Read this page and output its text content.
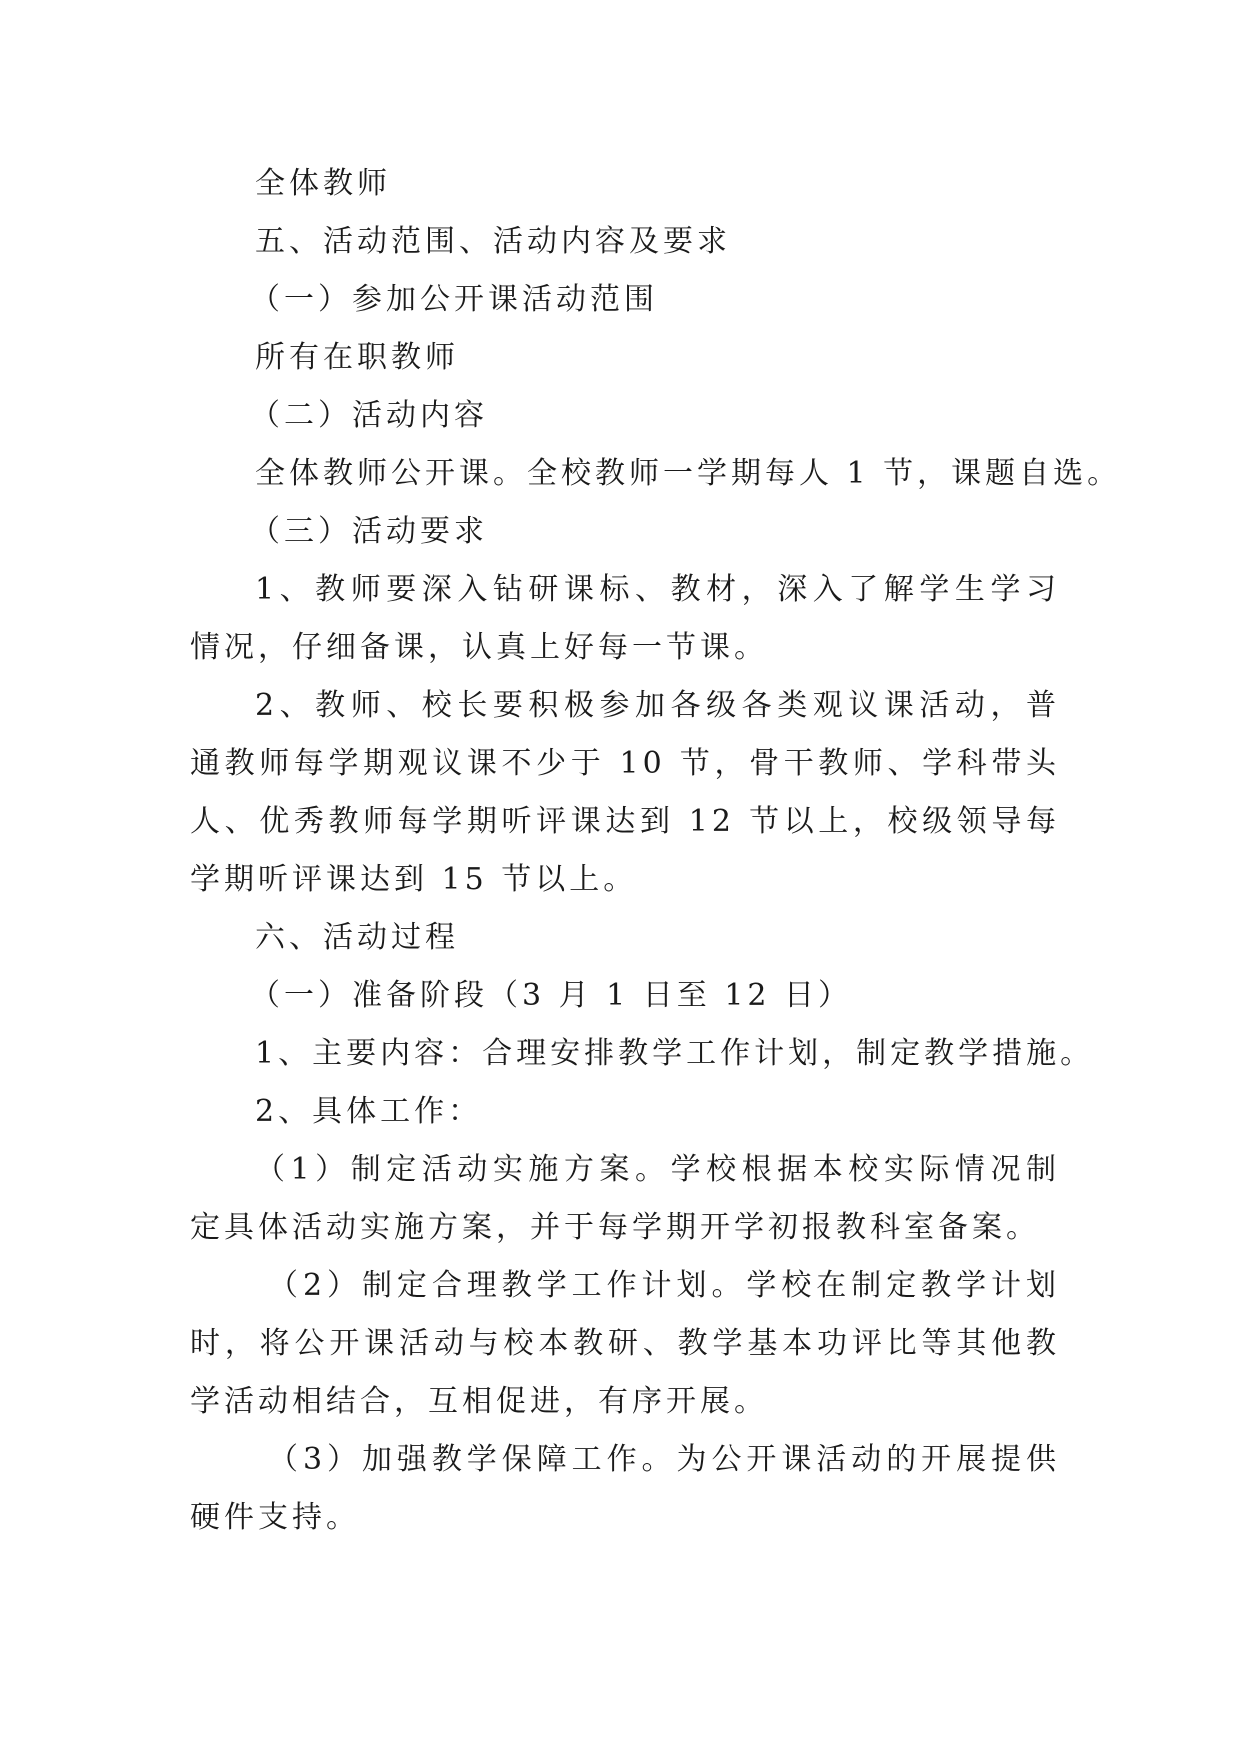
全体教师

五、活动范围、活动内容及要求

（一）参加公开课活动范围

所有在职教师

（二）活动内容

全体教师公开课。全校教师一学期每人 1 节，课题自选。

（三）活动要求

1、教师要深入钻研课标、教材，深入了解学生学习情况，仔细备课，认真上好每一节课。

2、教师、校长要积极参加各级各类观议课活动，普通教师每学期观议课不少于 10 节，骨干教师、学科带头人、优秀教师每学期听评课达到 12 节以上，校级领导每学期听评课达到 15 节以上。

六、活动过程

（一）准备阶段（3 月 1 日至 12 日）

1、主要内容：合理安排教学工作计划，制定教学措施。

2、具体工作：

（1）制定活动实施方案。学校根据本校实际情况制定具体活动实施方案，并于每学期开学初报教科室备案。

（2）制定合理教学工作计划。学校在制定教学计划时，将公开课活动与校本教研、教学基本功评比等其他教学活动相结合，互相促进，有序开展。

（3）加强教学保障工作。为公开课活动的开展提供硬件支持。
